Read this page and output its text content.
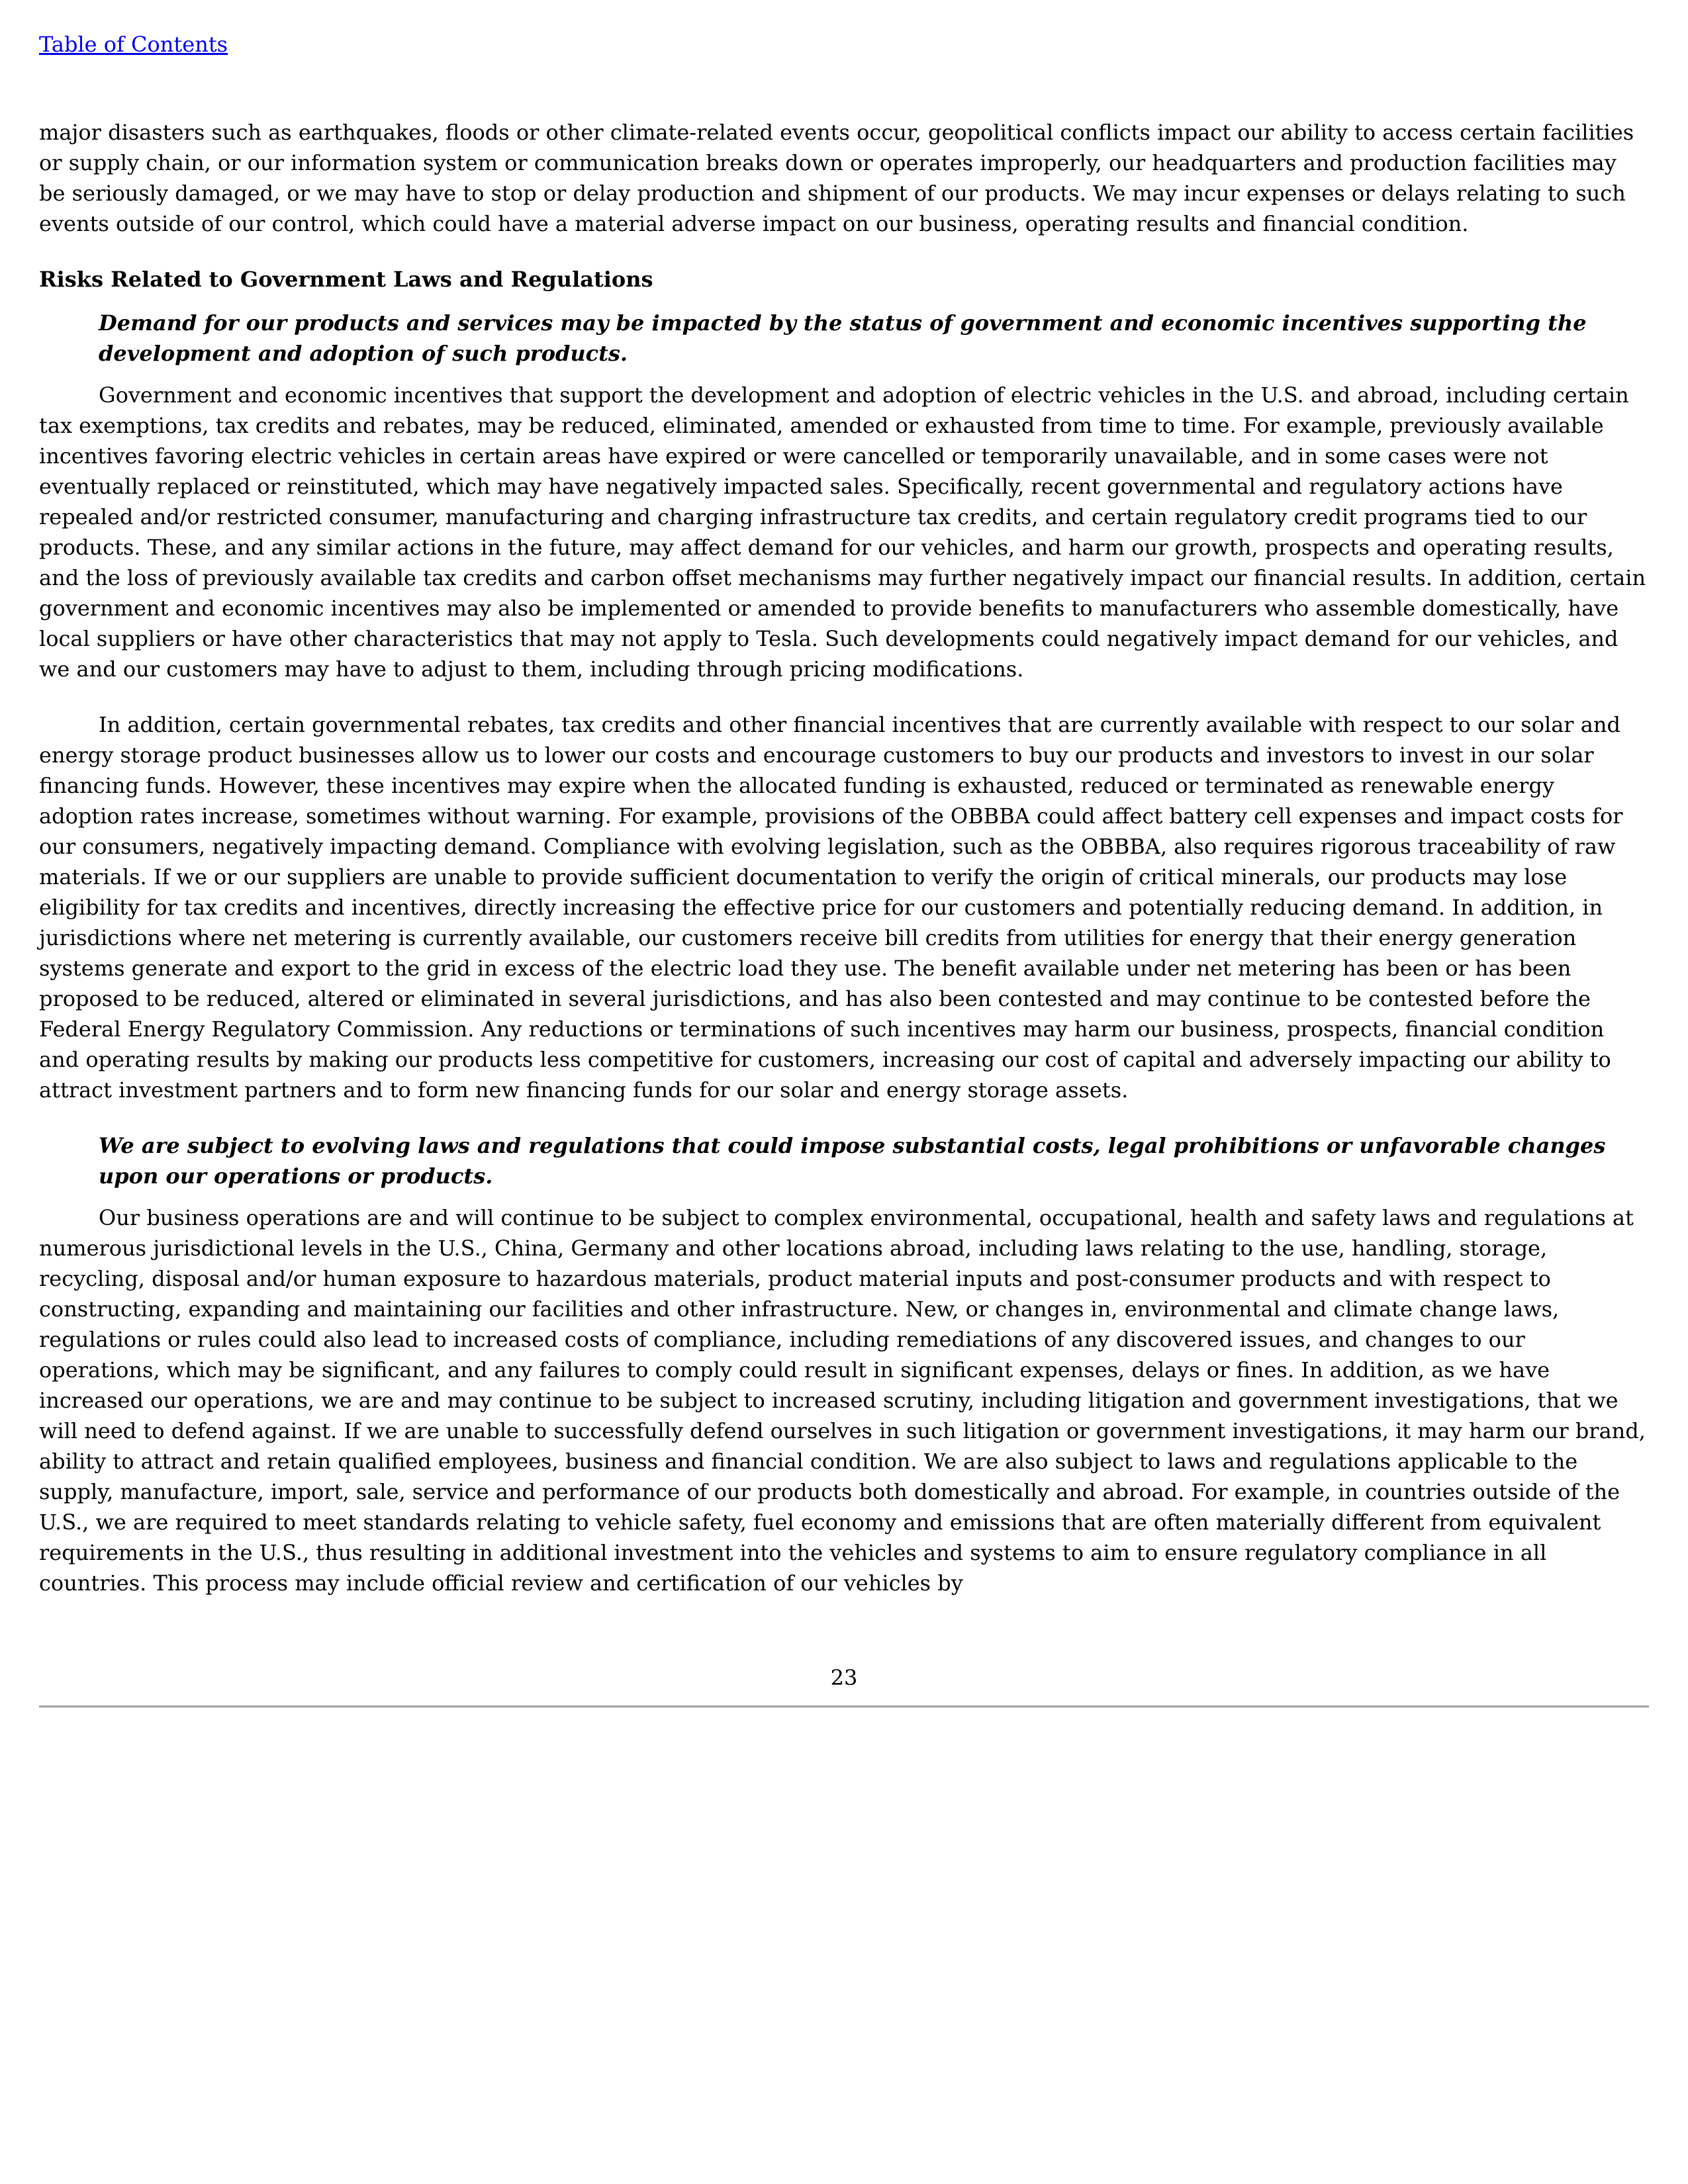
Table of Contents

major disasters such as earthquakes, floods or other climate-related events occur, geopolitical conflicts impact our ability to access certain facilities or supply chain, or our information system or communication breaks down or operates improperly, our headquarters and production facilities may be seriously damaged, or we may have to stop or delay production and shipment of our products. We may incur expenses or delays relating to such events outside of our control, which could have a material adverse impact on our business, operating results and financial condition.

Risks Related to Government Laws and Regulations

Demand for our products and services may be impacted by the status of government and economic incentives supporting the development and adoption of such products.

Government and economic incentives that support the development and adoption of electric vehicles in the U.S. and abroad, including certain tax exemptions, tax credits and rebates, may be reduced, eliminated, amended or exhausted from time to time. For example, previously available incentives favoring electric vehicles in certain areas have expired or were cancelled or temporarily unavailable, and in some cases were not eventually replaced or reinstituted, which may have negatively impacted sales. Specifically, recent governmental and regulatory actions have repealed and/or restricted consumer, manufacturing and charging infrastructure tax credits, and certain regulatory credit programs tied to our products. These, and any similar actions in the future, may affect demand for our vehicles, and harm our growth, prospects and operating results, and the loss of previously available tax credits and carbon offset mechanisms may further negatively impact our financial results. In addition, certain government and economic incentives may also be implemented or amended to provide benefits to manufacturers who assemble domestically, have local suppliers or have other characteristics that may not apply to Tesla. Such developments could negatively impact demand for our vehicles, and we and our customers may have to adjust to them, including through pricing modifications.

In addition, certain governmental rebates, tax credits and other financial incentives that are currently available with respect to our solar and energy storage product businesses allow us to lower our costs and encourage customers to buy our products and investors to invest in our solar financing funds. However, these incentives may expire when the allocated funding is exhausted, reduced or terminated as renewable energy adoption rates increase, sometimes without warning. For example, provisions of the OBBBA could affect battery cell expenses and impact costs for our consumers, negatively impacting demand. Compliance with evolving legislation, such as the OBBBA, also requires rigorous traceability of raw materials. If we or our suppliers are unable to provide sufficient documentation to verify the origin of critical minerals, our products may lose eligibility for tax credits and incentives, directly increasing the effective price for our customers and potentially reducing demand. In addition, in jurisdictions where net metering is currently available, our customers receive bill credits from utilities for energy that their energy generation systems generate and export to the grid in excess of the electric load they use. The benefit available under net metering has been or has been proposed to be reduced, altered or eliminated in several jurisdictions, and has also been contested and may continue to be contested before the Federal Energy Regulatory Commission. Any reductions or terminations of such incentives may harm our business, prospects, financial condition and operating results by making our products less competitive for customers, increasing our cost of capital and adversely impacting our ability to attract investment partners and to form new financing funds for our solar and energy storage assets.

We are subject to evolving laws and regulations that could impose substantial costs, legal prohibitions or unfavorable changes upon our operations or products.

Our business operations are and will continue to be subject to complex environmental, occupational, health and safety laws and regulations at numerous jurisdictional levels in the U.S., China, Germany and other locations abroad, including laws relating to the use, handling, storage, recycling, disposal and/or human exposure to hazardous materials, product material inputs and post-consumer products and with respect to constructing, expanding and maintaining our facilities and other infrastructure. New, or changes in, environmental and climate change laws, regulations or rules could also lead to increased costs of compliance, including remediations of any discovered issues, and changes to our operations, which may be significant, and any failures to comply could result in significant expenses, delays or fines. In addition, as we have increased our operations, we are and may continue to be subject to increased scrutiny, including litigation and government investigations, that we will need to defend against. If we are unable to successfully defend ourselves in such litigation or government investigations, it may harm our brand, ability to attract and retain qualified employees, business and financial condition. We are also subject to laws and regulations applicable to the supply, manufacture, import, sale, service and performance of our products both domestically and abroad. For example, in countries outside of the U.S., we are required to meet standards relating to vehicle safety, fuel economy and emissions that are often materially different from equivalent requirements in the U.S., thus resulting in additional investment into the vehicles and systems to aim to ensure regulatory compliance in all countries. This process may include official review and certification of our vehicles by

23
